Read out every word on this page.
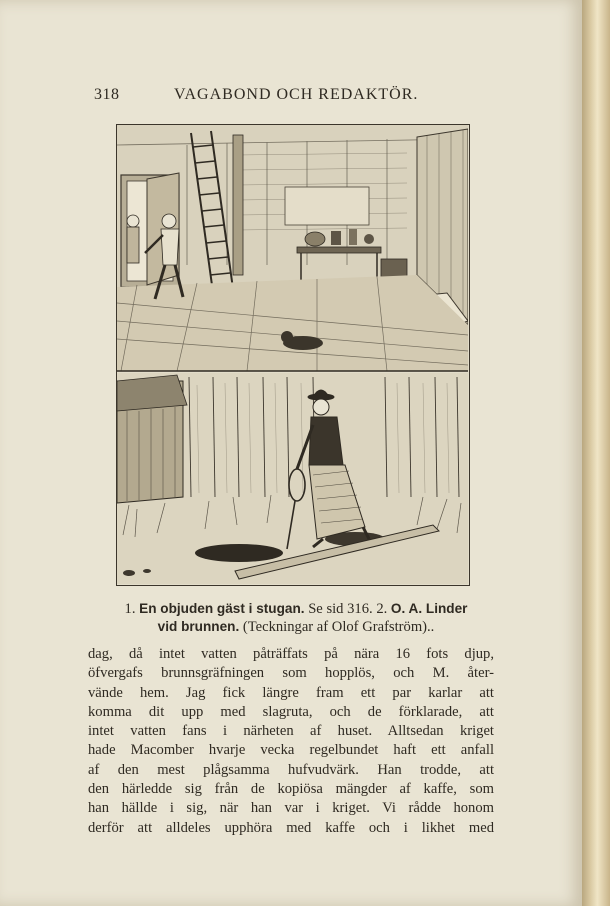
318	VAGABOND OCH REDAKTÖR.
1. En objuden gäst i stugan. Se sid 316. 2. O. A. Linder
vid brunnen. (Teckningar af Olof Grafström)..
dag, då intet vatten påträffats på nära 16 fots djup,
öfvergafs brunnsgräfningen som hopplös, och M. åter-
vände hem. Jag fick längre fram ett par karlar att
komma dit upp med slagruta, och de förklarade, att
intet vatten fans i närheten af huset. Alltsedan kriget
hade Macomber hvarje vecka regelbundet haft ett anfall
af den mest plågsamma hufvudvärk. Han trodde, att
den härledde sig från de kopiösa mängder af kaffe, som
han hällde i sig, när han var i kriget. Vi rådde honom
derför att alldeles upphöra med kaffe och i likhet med
